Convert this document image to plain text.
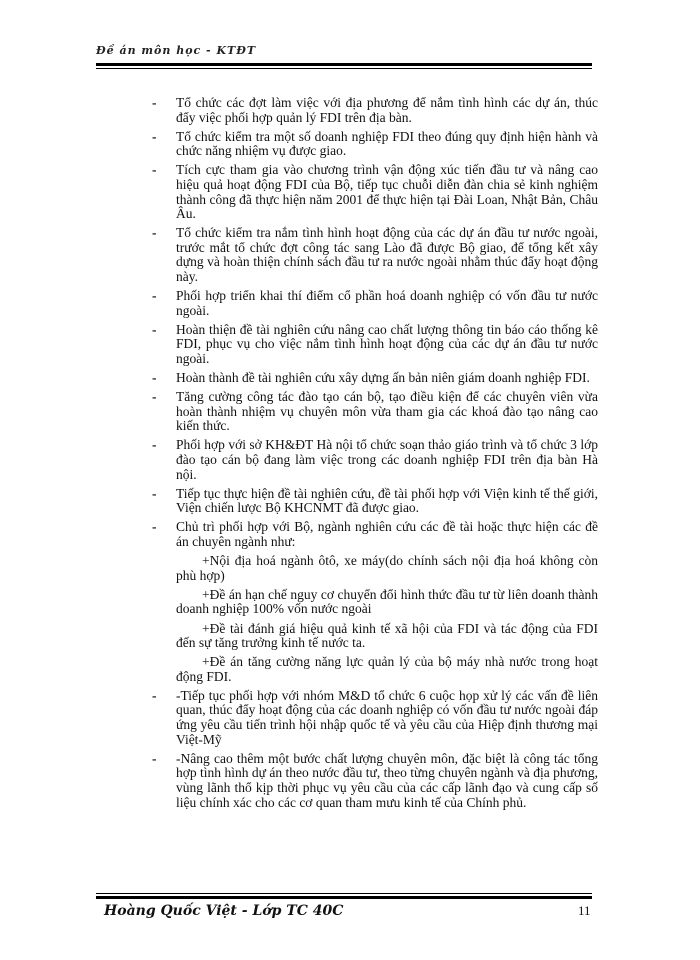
Đề án môn học - KTĐT
- Tổ chức các đợt làm việc với địa phương để nắm tình hình các dự án, thúc đẩy việc phối hợp quản lý FDI trên địa bàn.
- Tổ chức kiểm tra một số doanh nghiệp FDI theo đúng quy định hiện hành và chức năng nhiệm vụ được giao.
- Tích cực tham gia vào chương trình vận động xúc tiến đầu tư và nâng cao hiệu quả hoạt động FDI của Bộ, tiếp tục chuỗi diễn đàn chia sẻ kinh nghiệm thành công đã thực hiện năm 2001 để thực hiện tại Đài Loan, Nhật Bản, Châu Âu.
- Tổ chức kiểm tra nắm tình hình hoạt động của các dự án đầu tư nước ngoài, trước mắt tổ chức đợt công tác sang Lào đã được Bộ giao, để tổng kết xây dựng và hoàn thiện chính sách đầu tư ra nước ngoài nhằm thúc đẩy hoạt động này.
- Phối hợp triển khai thí điểm cổ phần hoá doanh nghiệp có vốn đầu tư nước ngoài.
- Hoàn thiện đề tài nghiên cứu nâng cao chất lượng thông tin báo cáo thống kê FDI, phục vụ cho việc nắm tình hình hoạt động của các dự án đầu tư nước ngoài.
- Hoàn thành đề tài nghiên cứu xây dựng ấn bản niên giám doanh nghiệp FDI.
- Tăng cường công tác đào tạo cán bộ, tạo điều kiện để các chuyên viên vừa hoàn thành nhiệm vụ chuyên môn vừa tham gia các khoá đào tạo nâng cao kiến thức.
- Phối hợp với sở KH&ĐT Hà nội tổ chức soạn thảo giáo trình và tổ chức 3 lớp đào tạo cán bộ đang làm việc trong các doanh nghiệp FDI trên địa bàn Hà nội.
- Tiếp tục thực hiện đề tài nghiên cứu, đề tài phối hợp với Viện kinh tế thế giới, Viện chiến lược Bộ KHCNMT đã được giao.
- Chủ trì phối hợp với Bộ, ngành nghiên cứu các đề tài hoặc thực hiện các đề án chuyên ngành như:
+Nội địa hoá ngành ôtô, xe máy(do chính sách nội địa hoá không còn phù hợp)
+Đề án hạn chế nguy cơ chuyển đổi hình thức đầu tư từ liên doanh thành doanh nghiệp 100% vốn nước ngoài
+Đề tài đánh giá hiệu quả kinh tế xã hội của FDI và tác động của FDI đến sự tăng trưởng kinh tế nước ta.
+Đề án tăng cường năng lực quản lý của bộ máy nhà nước trong hoạt động FDI.
- -Tiếp tục phối hợp với nhóm M&D tổ chức 6 cuộc họp xử lý các vấn đề liên quan, thúc đẩy hoạt động của các doanh nghiệp có vốn đầu tư nước ngoài đáp ứng yêu cầu tiến trình hội nhập quốc tế và yêu cầu của Hiệp định thương mại Việt-Mỹ
- -Nâng cao thêm một bước chất lượng chuyên môn, đặc biệt là công tác tổng hợp tình hình dự án theo nước đầu tư, theo từng chuyên ngành và địa phương, vùng lãnh thổ kịp thời phục vụ yêu cầu của các cấp lãnh đạo và cung cấp số liệu chính xác cho các cơ quan tham mưu kinh tế của Chính phủ.
Hoàng Quốc Việt - Lớp TC 40C	11
